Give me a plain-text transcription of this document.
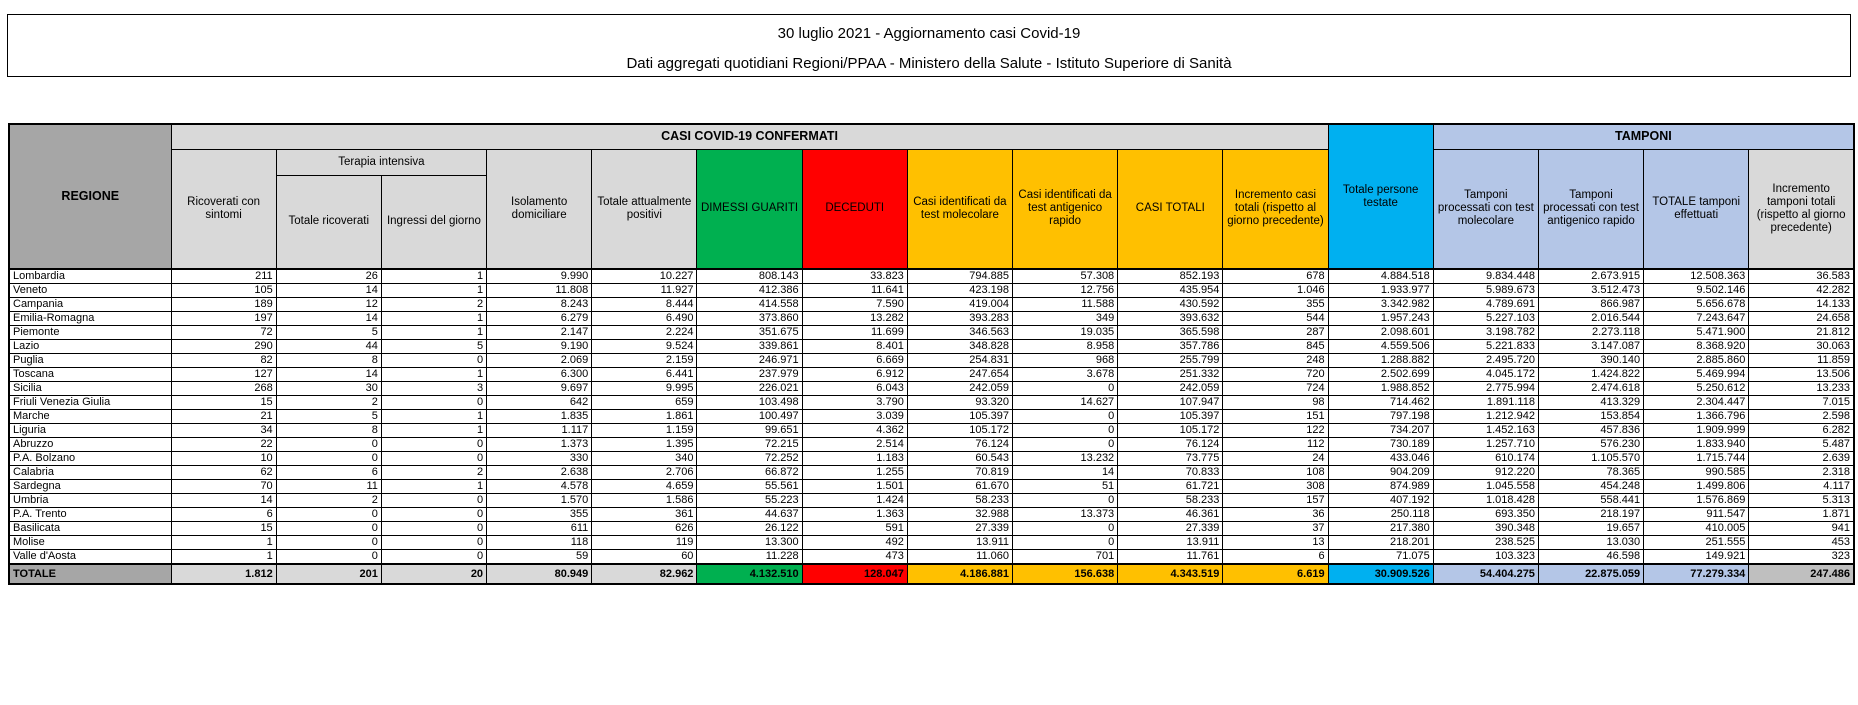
30 luglio 2021 - Aggiornamento casi Covid-19
Dati aggregati quotidiani Regioni/PPAA - Ministero della Salute - Istituto Superiore di Sanità
REGIONE	CASI COVID-19 CONFERMATI											Totale persone testate	TAMPONI			
	Ricoverati con sintomi	Terapia intensiva		Isolamento domiciliare	Totale attualmente positivi	DIMESSI GUARITI	DECEDUTI	Casi identificati da test molecolare	Casi identificati da test antigenico rapido	CASI TOTALI	Incremento casi totali (rispetto al giorno precedente)		Tamponi processati con test molecolare	Tamponi processati con test antigenico rapido	TOTALE tamponi effettuati	Incremento tamponi totali (rispetto al giorno precedente)
		Totale ricoverati	Ingressi del giorno													
Lombardia	211	26	1	9.990	10.227	808.143	33.823	794.885	57.308	852.193	678	4.884.518	9.834.448	2.673.915	12.508.363	36.583
Veneto	105	14	1	11.808	11.927	412.386	11.641	423.198	12.756	435.954	1.046	1.933.977	5.989.673	3.512.473	9.502.146	42.282
Campania	189	12	2	8.243	8.444	414.558	7.590	419.004	11.588	430.592	355	3.342.982	4.789.691	866.987	5.656.678	14.133
Emilia-Romagna	197	14	1	6.279	6.490	373.860	13.282	393.283	349	393.632	544	1.957.243	5.227.103	2.016.544	7.243.647	24.658
Piemonte	72	5	1	2.147	2.224	351.675	11.699	346.563	19.035	365.598	287	2.098.601	3.198.782	2.273.118	5.471.900	21.812
Lazio	290	44	5	9.190	9.524	339.861	8.401	348.828	8.958	357.786	845	4.559.506	5.221.833	3.147.087	8.368.920	30.063
Puglia	82	8	0	2.069	2.159	246.971	6.669	254.831	968	255.799	248	1.288.882	2.495.720	390.140	2.885.860	11.859
Toscana	127	14	1	6.300	6.441	237.979	6.912	247.654	3.678	251.332	720	2.502.699	4.045.172	1.424.822	5.469.994	13.506
Sicilia	268	30	3	9.697	9.995	226.021	6.043	242.059	0	242.059	724	1.988.852	2.775.994	2.474.618	5.250.612	13.233
Friuli Venezia Giulia	15	2	0	642	659	103.498	3.790	93.320	14.627	107.947	98	714.462	1.891.118	413.329	2.304.447	7.015
Marche	21	5	1	1.835	1.861	100.497	3.039	105.397	0	105.397	151	797.198	1.212.942	153.854	1.366.796	2.598
Liguria	34	8	1	1.117	1.159	99.651	4.362	105.172	0	105.172	122	734.207	1.452.163	457.836	1.909.999	6.282
Abruzzo	22	0	0	1.373	1.395	72.215	2.514	76.124	0	76.124	112	730.189	1.257.710	576.230	1.833.940	5.487
P.A. Bolzano	10	0	0	330	340	72.252	1.183	60.543	13.232	73.775	24	433.046	610.174	1.105.570	1.715.744	2.639
Calabria	62	6	2	2.638	2.706	66.872	1.255	70.819	14	70.833	108	904.209	912.220	78.365	990.585	2.318
Sardegna	70	11	1	4.578	4.659	55.561	1.501	61.670	51	61.721	308	874.989	1.045.558	454.248	1.499.806	4.117
Umbria	14	2	0	1.570	1.586	55.223	1.424	58.233	0	58.233	157	407.192	1.018.428	558.441	1.576.869	5.313
P.A. Trento	6	0	0	355	361	44.637	1.363	32.988	13.373	46.361	36	250.118	693.350	218.197	911.547	1.871
Basilicata	15	0	0	611	626	26.122	591	27.339	0	27.339	37	217.380	390.348	19.657	410.005	941
Molise	1	0	0	118	119	13.300	492	13.911	0	13.911	13	218.201	238.525	13.030	251.555	453
Valle d'Aosta	1	0	0	59	60	11.228	473	11.060	701	11.761	6	71.075	103.323	46.598	149.921	323
TOTALE	1.812	201	20	80.949	82.962	4.132.510	128.047	4.186.881	156.638	4.343.519	6.619	30.909.526	54.404.275	22.875.059	77.279.334	247.486
